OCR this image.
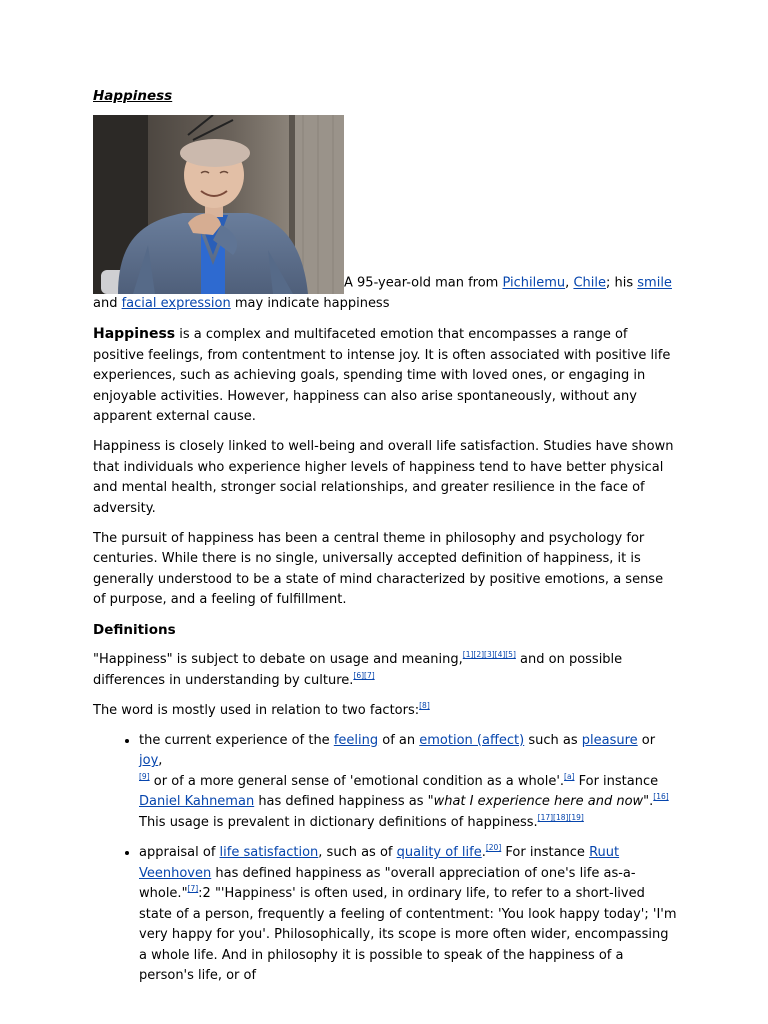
Happiness

A 95-year-old man from Pichilemu, Chile; his smile and facial expression may indicate happiness

Happiness is a complex and multifaceted emotion that encompasses a range of positive feelings, from contentment to intense joy. It is often associated with positive life experiences, such as achieving goals, spending time with loved ones, or engaging in enjoyable activities. However, happiness can also arise spontaneously, without any apparent external cause.

Happiness is closely linked to well-being and overall life satisfaction. Studies have shown that individuals who experience higher levels of happiness tend to have better physical and mental health, stronger social relationships, and greater resilience in the face of adversity.

The pursuit of happiness has been a central theme in philosophy and psychology for centuries. While there is no single, universally accepted definition of happiness, it is generally understood to be a state of mind characterized by positive emotions, a sense of purpose, and a feeling of fulfillment.

Definitions

"Happiness" is subject to debate on usage and meaning,[1][2][3][4][5] and on possible differences in understanding by culture.[6][7]

The word is mostly used in relation to two factors:[8]

• the current experience of the feeling of an emotion (affect) such as pleasure or joy,
[9] or of a more general sense of 'emotional condition as a whole'.[a] For instance Daniel Kahneman has defined happiness as "what I experience here and now".[16] This usage is prevalent in dictionary definitions of happiness.[17][18][19]
• appraisal of life satisfaction, such as of quality of life.[20] For instance Ruut Veenhoven has defined happiness as "overall appreciation of one's life as-a-whole."[7]:2 "'Happiness' is often used, in ordinary life, to refer to a short-lived state of a person, frequently a feeling of contentment: 'You look happy today'; 'I'm very happy for you'. Philosophically, its scope is more often wider, encompassing a whole life. And in philosophy it is possible to speak of the happiness of a person's life, or of
